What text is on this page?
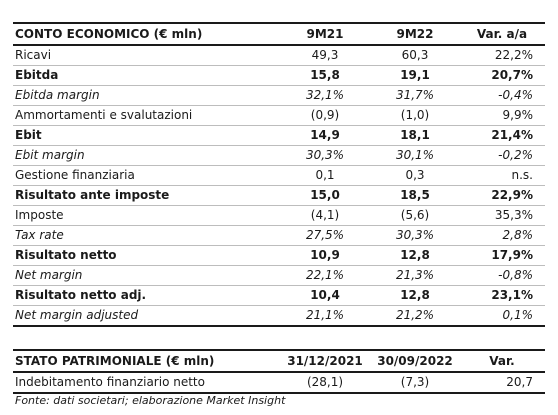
CONTO ECONOMICO (€ mln)	9M21	9M22	Var. a/a
Ricavi	49,3	60,3	22,2%
Ebitda	15,8	19,1	20,7%
Ebitda margin	32,1%	31,7%	-0,4%
Ammortamenti e svalutazioni	(0,9)	(1,0)	9,9%
Ebit	14,9	18,1	21,4%
Ebit margin	30,3%	30,1%	-0,2%
Gestione finanziaria	0,1	0,3	n.s.
Risultato ante imposte	15,0	18,5	22,9%
Imposte	(4,1)	(5,6)	35,3%
Tax rate	27,5%	30,3%	2,8%
Risultato netto	10,9	12,8	17,9%
Net margin	22,1%	21,3%	-0,8%
Risultato netto adj.	10,4	12,8	23,1%
Net margin adjusted	21,1%	21,2%	0,1%
STATO PATRIMONIALE (€ mln)	31/12/2021	30/09/2022	Var.
Indebitamento finanziario netto	(28,1)	(7,3)	20,7
Fonte: dati societari; elaborazione Market Insight
